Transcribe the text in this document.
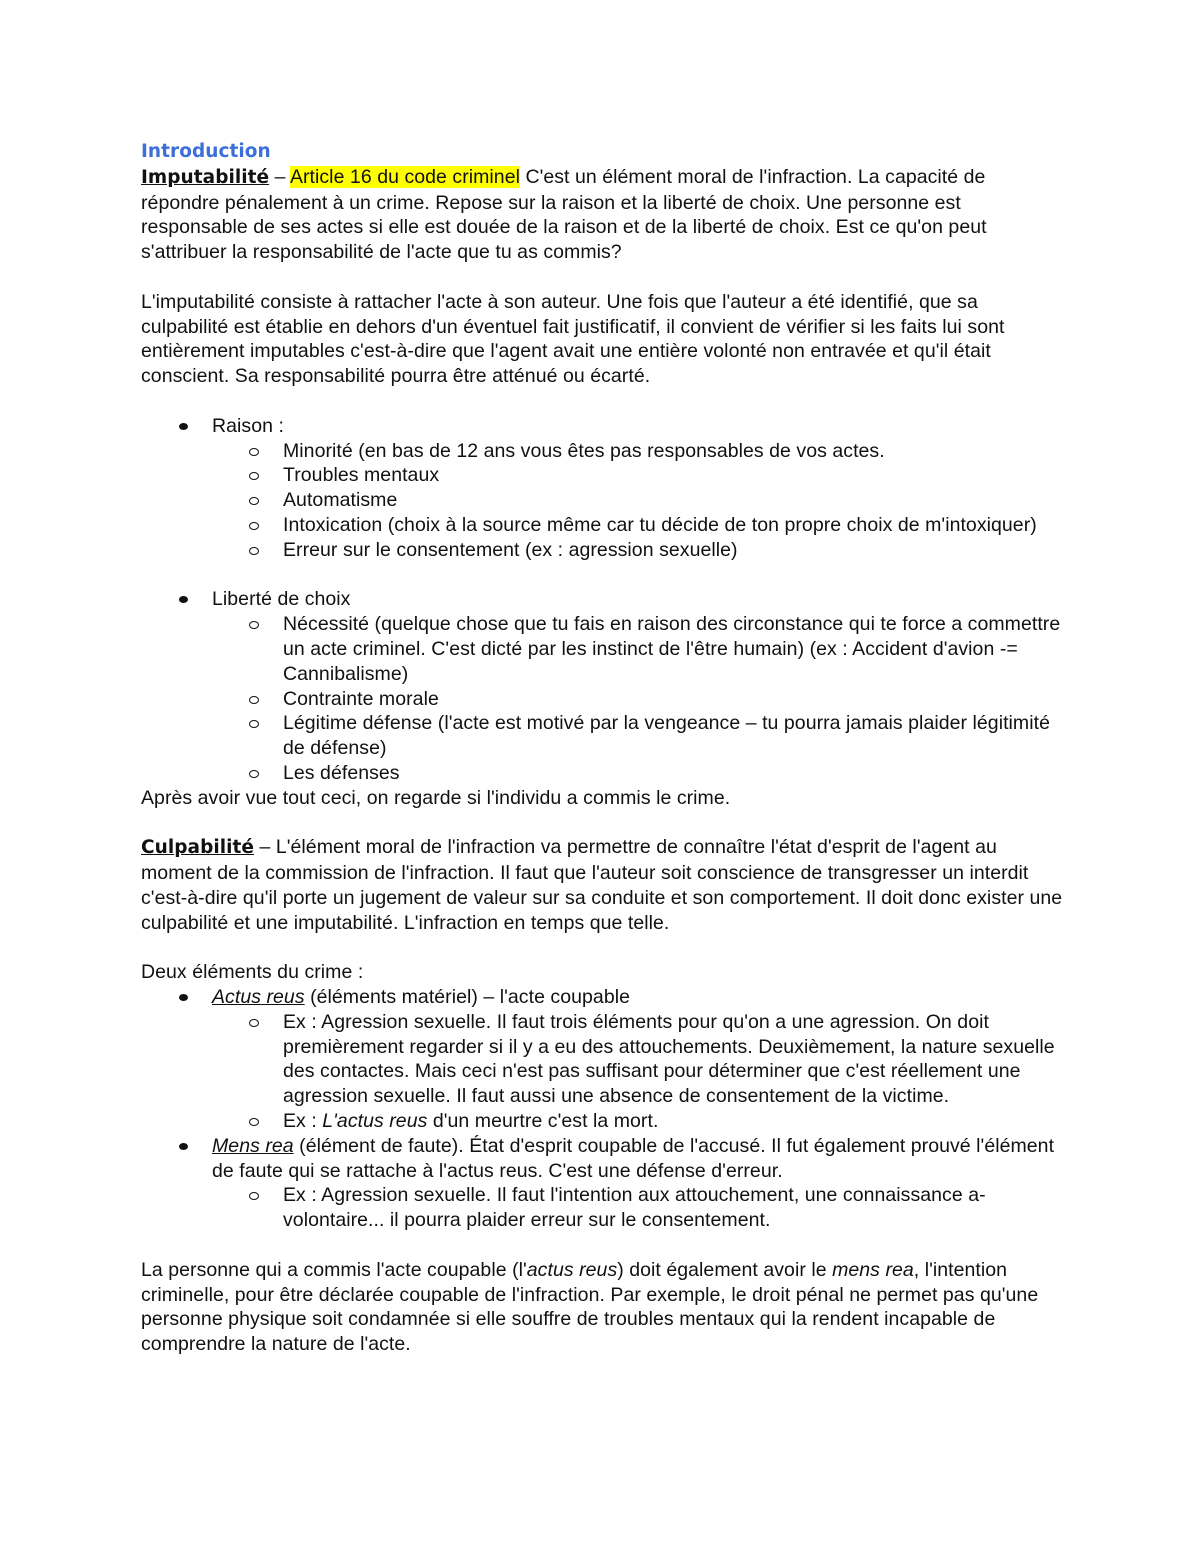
Introduction

Imputabilité – Article 16 du code criminel C'est un élément moral de l'infraction. La capacité de répondre pénalement à un crime. Repose sur la raison et la liberté de choix. Une personne est responsable de ses actes si elle est douée de la raison et de la liberté de choix. Est ce qu'on peut s'attribuer la responsabilité de l'acte que tu as commis?

L'imputabilité consiste à rattacher l'acte à son auteur. Une fois que l'auteur a été identifié, que sa culpabilité est établie en dehors d'un éventuel fait justificatif, il convient de vérifier si les faits lui sont entièrement imputables c'est-à-dire que l'agent avait une entière volonté non entravée et qu'il était conscient. Sa responsabilité pourra être atténué ou écarté.

Raison :
Minorité (en bas de 12 ans vous êtes pas responsables de vos actes.
Troubles mentaux
Automatisme
Intoxication (choix à la source même car tu décide de ton propre choix de m'intoxiquer)
Erreur sur le consentement (ex : agression sexuelle)
Liberté de choix
Nécessité (quelque chose que tu fais en raison des circonstance qui te force a commettre un acte criminel. C'est dicté par les instinct de l'être humain) (ex : Accident d'avion -= Cannibalisme)
Contrainte morale
Légitime défense (l'acte est motivé par la vengeance – tu pourra jamais plaider légitimité de défense)
Les défenses

Après avoir vue tout ceci, on regarde si l'individu a commis le crime.

Culpabilité – L'élément moral de l'infraction va permettre de connaître l'état d'esprit de l'agent au moment de la commission de l'infraction. Il faut que l'auteur soit conscience de transgresser un interdit c'est-à-dire qu'il porte un jugement de valeur sur sa conduite et son comportement. Il doit donc exister une culpabilité et une imputabilité. L'infraction en temps que telle.

Deux éléments du crime :

Actus reus (éléments matériel) – l'acte coupable
Ex : Agression sexuelle. Il faut trois éléments pour qu'on a une agression. On doit premièrement regarder si il y a eu des attouchements. Deuxièmement, la nature sexuelle des contactes. Mais ceci n'est pas suffisant pour déterminer que c'est réellement une agression sexuelle. Il faut aussi une absence de consentement de la victime.
Ex : L'actus reus d'un meurtre c'est la mort.
Mens rea (élément de faute). État d'esprit coupable de l'accusé. Il fut également prouvé l'élément de faute qui se rattache à l'actus reus. C'est une défense d'erreur.
Ex : Agression sexuelle. Il faut l'intention aux attouchement, une connaissance a-volontaire... il pourra plaider erreur sur le consentement.

La personne qui a commis l'acte coupable (l'actus reus) doit également avoir le mens rea, l'intention criminelle, pour être déclarée coupable de l'infraction. Par exemple, le droit pénal ne permet pas qu'une personne physique soit condamnée si elle souffre de troubles mentaux qui la rendent incapable de comprendre la nature de l'acte.
